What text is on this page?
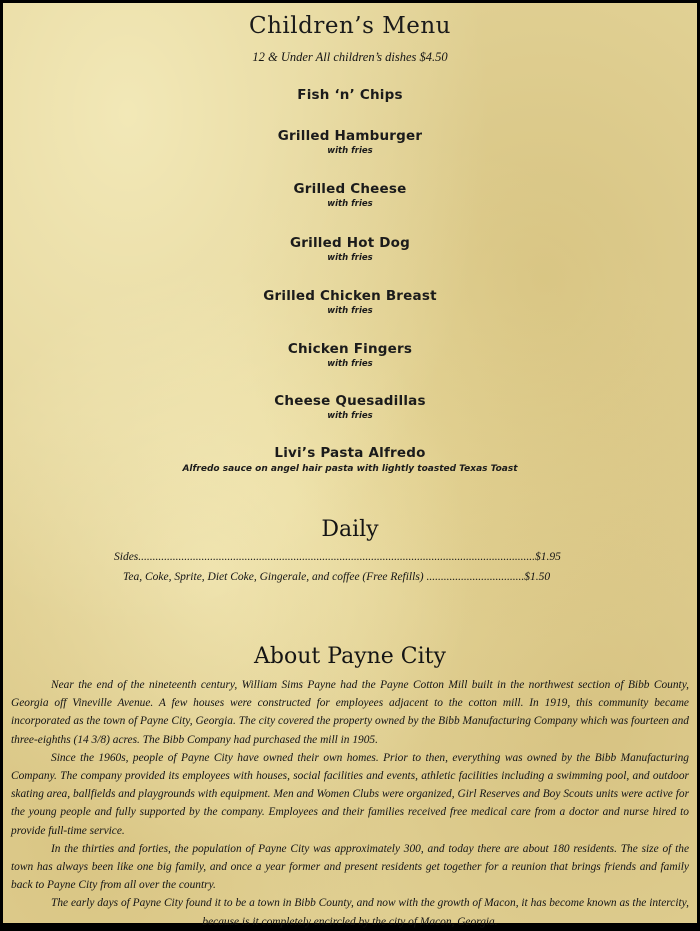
Children’s Menu
12 & Under All children’s dishes $4.50
Fish ‘n’ Chips
Grilled Hamburger
with fries
Grilled Cheese
with fries
Grilled Hot Dog
with fries
Grilled Chicken Breast
with fries
Chicken Fingers
with fries
Cheese Quesadillas
with fries
Livi’s Pasta Alfredo
Alfredo sauce on angel hair pasta with lightly toasted Texas Toast
Daily
Sides..........................................................................................................................................$1.95
Tea, Coke, Sprite, Diet Coke, Gingerale, and coffee (Free Refills) ..................................$1.50
About Payne City

Near the end of the nineteenth century, William Sims Payne had the Payne Cotton Mill built in the northwest section of Bibb County, Georgia off Vineville Avenue. A few houses were constructed for employees adjacent to the cotton mill. In 1919, this community became incorporated as the town of Payne City, Georgia. The city covered the property owned by the Bibb Manufacturing Company which was fourteen and three-eighths (14 3/8) acres. The Bibb Company had purchased the mill in 1905.

Since the 1960s, people of Payne City have owned their own homes. Prior to then, everything was owned by the Bibb Manufacturing Company. The company provided its employees with houses, social facilities and events, athletic facilities including a swimming pool, and outdoor skating area, ballfields and playgrounds with equipment. Men and Women Clubs were organized, Girl Reserves and Boy Scouts units were active for the young people and fully supported by the company. Employees and their families received free medical care from a doctor and nurse hired to provide full-time service.

In the thirties and forties, the population of Payne City was approximately 300, and today there are about 180 residents. The size of the town has always been like one big family, and once a year former and present residents get together for a reunion that brings friends and family back to Payne City from all over the country.

The early days of Payne City found it to be a town in Bibb County, and now with the growth of Macon, it has become known as the intercity, because is it completely encircled by the city of Macon, Georgia.
